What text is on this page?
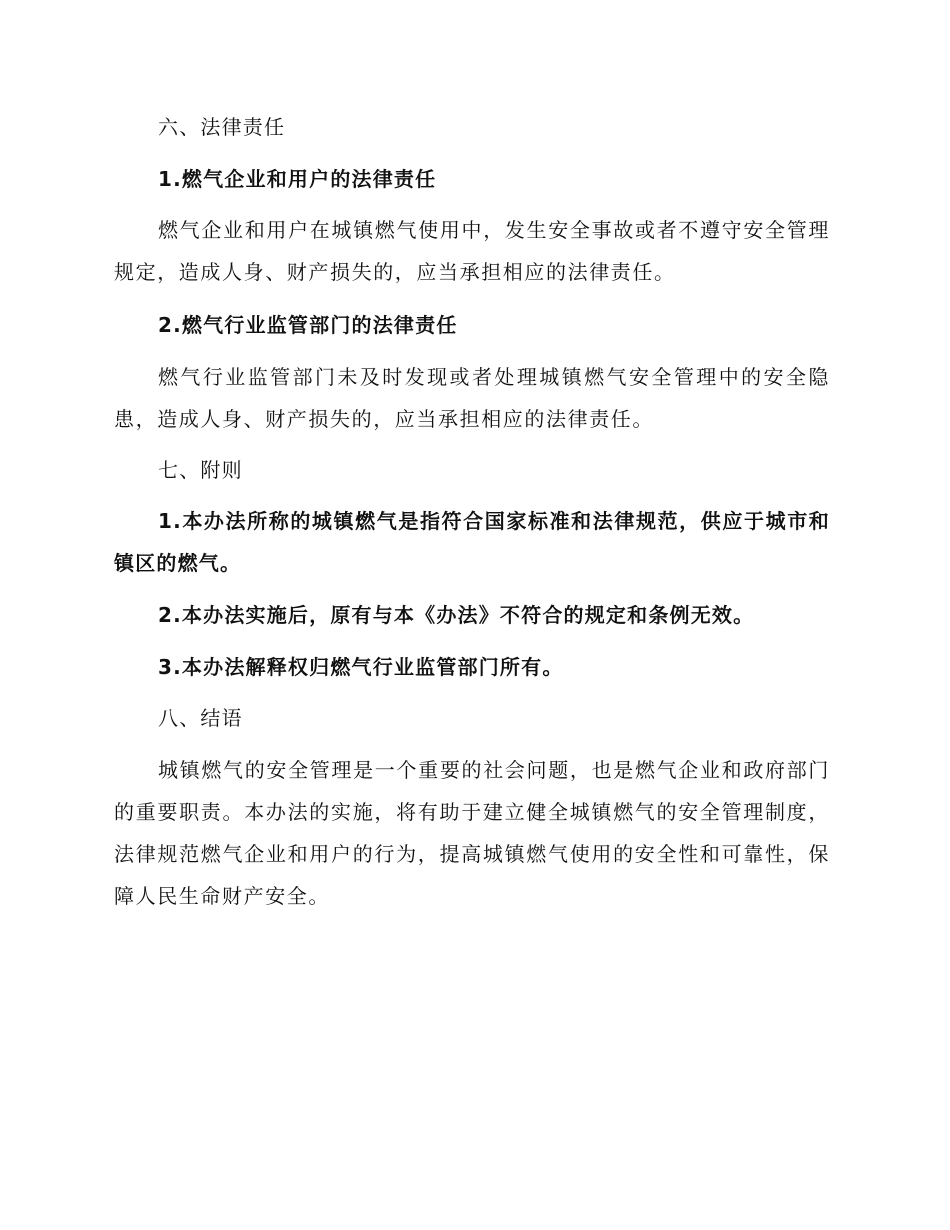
六、法律责任

1.燃气企业和用户的法律责任

燃气企业和用户在城镇燃气使用中，发生安全事故或者不遵守安全管理规定，造成人身、财产损失的，应当承担相应的法律责任。

2.燃气行业监管部门的法律责任

燃气行业监管部门未及时发现或者处理城镇燃气安全管理中的安全隐患，造成人身、财产损失的，应当承担相应的法律责任。

七、附则

1.本办法所称的城镇燃气是指符合国家标准和法律规范，供应于城市和镇区的燃气。

2.本办法实施后，原有与本《办法》不符合的规定和条例无效。

3.本办法解释权归燃气行业监管部门所有。

八、结语

城镇燃气的安全管理是一个重要的社会问题，也是燃气企业和政府部门的重要职责。本办法的实施，将有助于建立健全城镇燃气的安全管理制度，法律规范燃气企业和用户的行为，提高城镇燃气使用的安全性和可靠性，保障人民生命财产安全。
